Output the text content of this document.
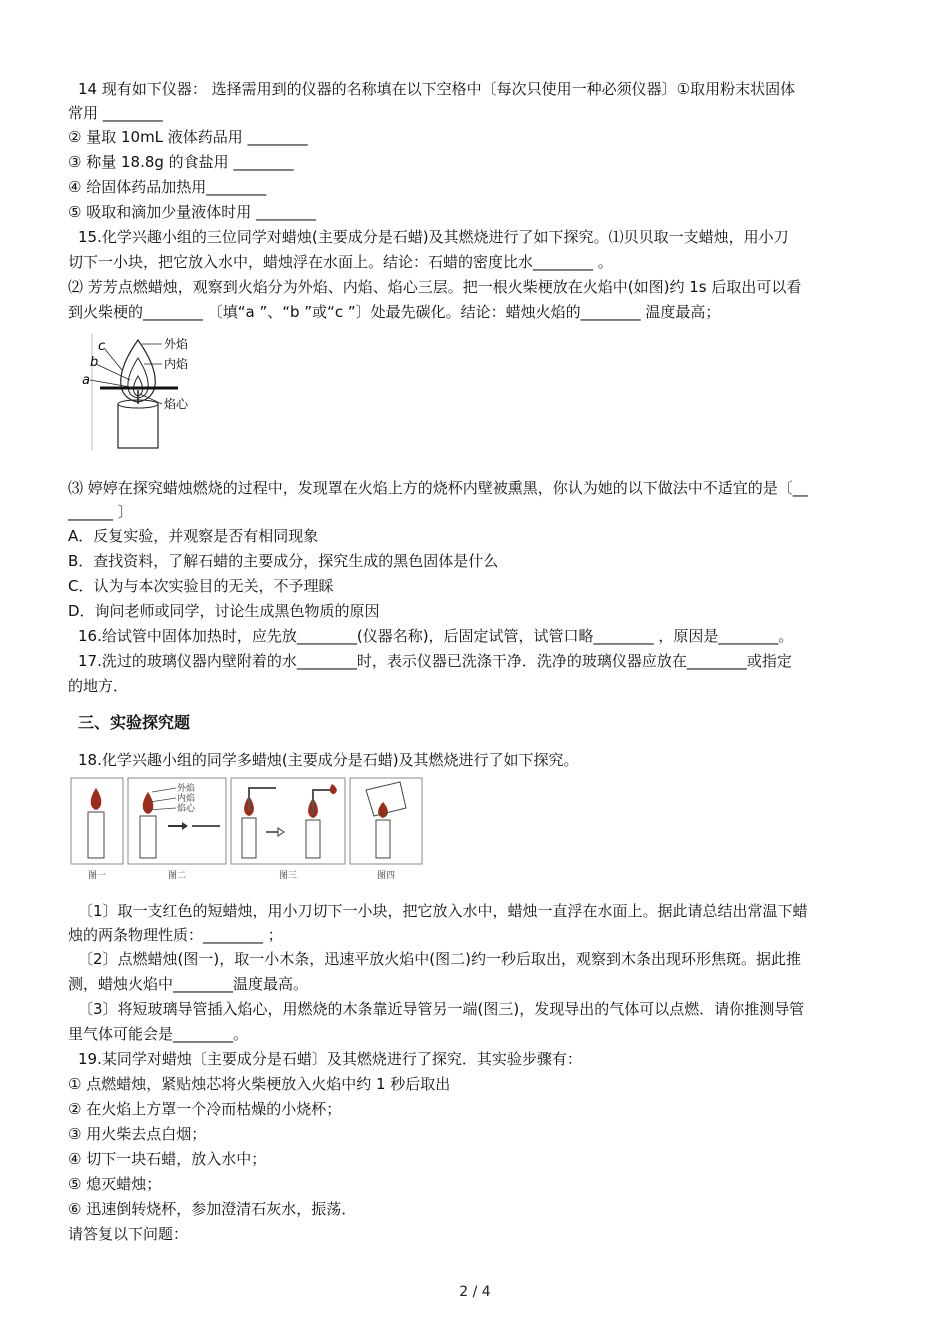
14 现有如下仪器： 选择需用到的仪器的名称填在以下空格中〔每次只使用一种必须仪器〕①取用粉末状固体
常用 ________
② 量取 10mL 液体药品用 ________
③ 称量 18.8g 的食盐用 ________
④ 给固体药品加热用________
⑤ 吸取和滴加少量液体时用 ________
15.化学兴趣小组的三位同学对蜡烛(主要成分是石蜡)及其燃烧进行了如下探究。⑴贝贝取一支蜡烛，用小刀
切下一小块，把它放入水中，蜡烛浮在水面上。结论：石蜡的密度比水________ 。
⑵ 芳芳点燃蜡烛，观察到火焰分为外焰、内焰、焰心三层。把一根火柴梗放在火焰中(如图)约 1s 后取出可以看
到火柴梗的________ 〔填“a ”、“b ”或“c ”〕处最先碳化。结论：蜡烛火焰的________ 温度最高；
c
b
a
外焰
内焰
焰心
⑶ 婷婷在探究蜡烛燃烧的过程中，发现罩在火焰上方的烧杯内壁被熏黑，你认为她的以下做法中不适宜的是〔__
______ 〕
A．反复实验，并观察是否有相同现象
B．查找资料，了解石蜡的主要成分，探究生成的黑色固体是什么
C．认为与本次实验目的无关，不予理睬
D．询问老师或同学，讨论生成黑色物质的原因
16.给试管中固体加热时，应先放________(仪器名称)，后固定试管，试管口略________ ，原因是________。
17.洗过的玻璃仪器内壁附着的水________时，表示仪器已洗涤干净．洗净的玻璃仪器应放在________或指定
的地方．
三、实验探究题
18.化学兴趣小组的同学多蜡烛(主要成分是石蜡)及其燃烧进行了如下探究。
外焰
内焰
焰心
图一	图二	图三	图四
〔1〕取一支红色的短蜡烛，用小刀切下一小块，把它放入水中，蜡烛一直浮在水面上。据此请总结出常温下蜡
烛的两条物理性质：________ ；
〔2〕点燃蜡烛(图一)，取一小木条，迅速平放火焰中(图二)约一秒后取出，观察到木条出现环形焦斑。据此推
测，蜡烛火焰中________温度最高。
〔3〕将短玻璃导管插入焰心，用燃烧的木条靠近导管另一端(图三)，发现导出的气体可以点燃．请你推测导管
里气体可能会是________。
19.某同学对蜡烛〔主要成分是石蜡〕及其燃烧进行了探究．其实验步骤有：
① 点燃蜡烛，紧贴烛芯将火柴梗放入火焰中约 1 秒后取出
② 在火焰上方罩一个冷而枯燥的小烧杯；
③ 用火柴去点白烟；
④ 切下一块石蜡，放入水中；
⑤ 熄灭蜡烛；
⑥ 迅速倒转烧杯，参加澄清石灰水，振荡．
请答复以下问题：
2 / 4
